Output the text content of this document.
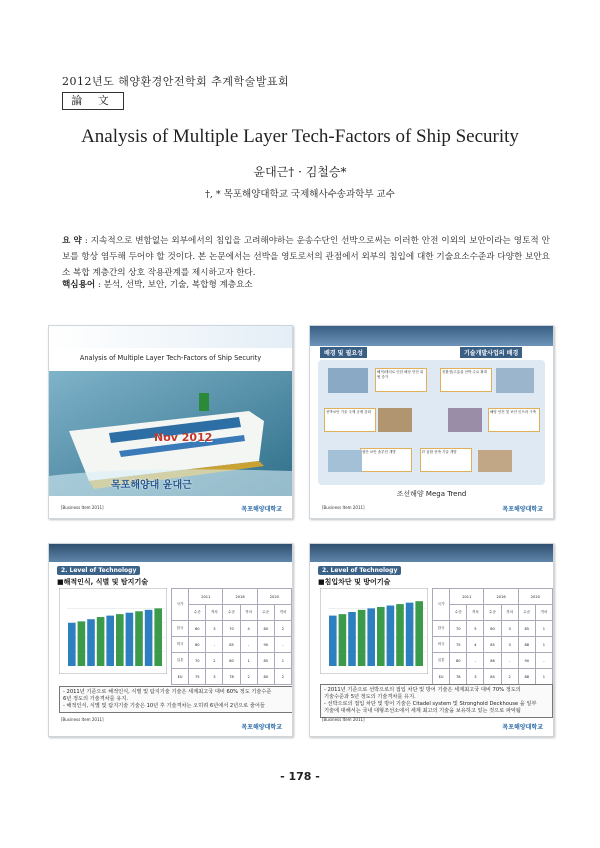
2012년도 해양환경안전학회 추계학술발표회
論 文
Analysis of Multiple Layer Tech-Factors of Ship Security
윤대근† · 김철승*
†, * 목포해양대학교 국제해사수송과학부 교수
요 약 : 지속적으로 변함없는 외부에서의 침입을 고려해야하는 운송수단인 선박으로써는 이러한 안전 이외의 보안이라는 영토적 안보를 항상 염두해 두어야 할 것이다. 본 논문에서는 선박을 영토로서의 관점에서 외부의 침입에 대한 기술요소수준과 다양한 보안요소 복합 계층간의 상호 작용관계를 제시하고자 한다.
핵심용어 : 분석, 선박, 보안, 기술, 복합형 계층요소
Analysis of Multiple Layer Tech-Factors of Ship Security
Nov 2012
목포해양대 윤대근
[Business Item 2011]	목포해양대학교
배경 및 필요성	기술개발사업의 배경
해적/테러로 인한 해상 안전 위협 증가
친환경/고효율 선박 수요 확대
선박보안 기술 국제 규제 강화	해양 안전 및 보안 인프라 구축
첨단 보안 솔루션 개발	IT 융합 선박 기술 개발
조선해양 Mega Trend
[Business Item 2011]	목포해양대학교
2. Level of Technology
■해적인식, 식별 및 탐지기술
국가	2011		2016		2020	
	수준	격차	수준	격차	수준	격차
한국	60	3	70	4	80	2
미국	80	-	85	-	90	-
일본	70	2	80	1	85	1
EU	75	3	78	2	80	2
- 2011년 기준으로 해적인식, 식별 및 탐지기술 기술은 세계최고국 대비 60% 정도 기술수준
6년 정도의 기술격차를 유지.
- 해적인식, 식별 및 탐지기술 기술은 10년 후 기술격차는 오히려 6년에서 2년으로 줄어들
[Business Item 2011]
목포해양대학교
2. Level of Technology
■침입차단 및 방어기술
국가	2011		2016		2020	
	수준	격차	수준	격차	수준	격차
한국	70	5	80	3	85	1
미국	75	4	85	3	88	1
일본	80	-	86	-	90	-
EU	78	3	84	2	88	1
- 2011년 기준으로 선박으로의 접입 차단 및 방어 기술은 세계최고국 대비 70% 정도의
기술수준과 5년 정도의 기술격차를 유지.
- 선박으로의 접입 차단 및 방어 기술은 Citadel system 및 Stronghold Deckhouse 을 일부
기술에 대해서는 국내 대형조선소에서 세계 최고의 기술을 보유하고 있는 것으로 파악됨
[Business Item 2011]
목포해양대학교
- 178 -
